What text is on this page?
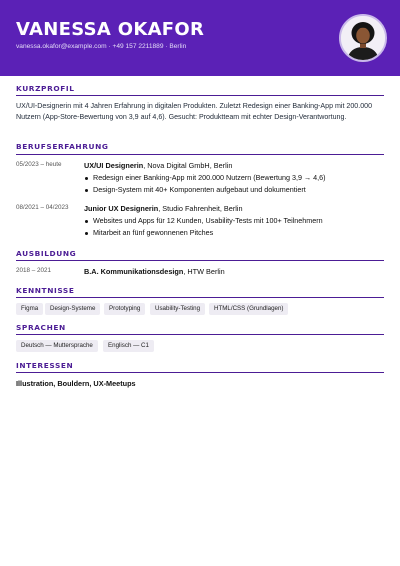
VANESSA OKAFOR
vanessa.okafor@example.com · +49 157 2211889 · Berlin
KURZPROFIL
UX/UI-Designerin mit 4 Jahren Erfahrung in digitalen Produkten. Zuletzt Redesign einer Banking-App mit 200.000 Nutzern (App-Store-Bewertung von 3,9 auf 4,6). Gesucht: Produktteam mit echter Design-Verantwortung.
BERUFSERFAHRUNG
05/2023 – heute	UX/UI Designerin, Nova Digital GmbH, Berlin
Redesign einer Banking-App mit 200.000 Nutzern (Bewertung 3,9 → 4,6)
Design-System mit 40+ Komponenten aufgebaut und dokumentiert
08/2021 – 04/2023 Junior UX Designerin, Studio Fahrenheit, Berlin
Websites und Apps für 12 Kunden, Usability-Tests mit 100+ Teilnehmern
Mitarbeit an fünf gewonnenen Pitches
AUSBILDUNG
2018 – 2021	B.A. Kommunikationsdesign, HTW Berlin
KENNTNISSE
Figma	Design-Systeme	Prototyping	Usability-Testing	HTML/CSS (Grundlagen)
SPRACHEN
Deutsch — Muttersprache	Englisch — C1
INTERESSEN
Illustration, Bouldern, UX-Meetups
